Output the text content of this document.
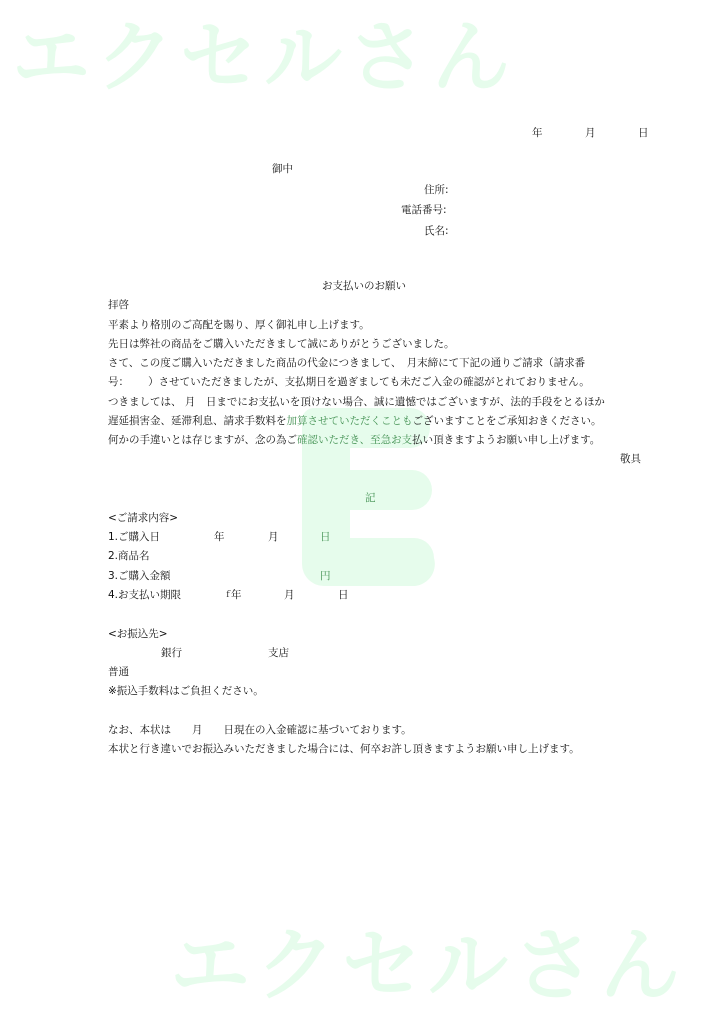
エクセルさん
エクセルさん
年	月	日
御中
住所:
電話番号:
氏名:
お支払いのお願い
拝啓
平素より格別のご高配を賜り、厚く御礼申し上げます。
先日は弊社の商品をご購入いただきまして誠にありがとうございました。
さて、この度ご購入いただきました商品の代金につきまして、　月末締にて下記の通りご請求（請求番
号：　　 ）させていただきましたが、支払期日を過ぎましても未だご入金の確認がとれておりません。
つきましては、 月　日までにお支払いを頂けない場合、誠に遺憾ではございますが、法的手段をとるほか
遅延損害金、延滞利息、請求手数料を加算させていただくこともございますことをご承知おきください。
何かの手違いとは存じますが、念の為ご確認いただき、至急お支払い頂きますようお願い申し上げます。
敬具
記
<ご請求内容>
1.ご購入日	年	月	日
2.商品名
3.ご購入金額	円
4.お支払い期限	ｆ 年	月	日
<お振込先>
銀行	支店
普通
※振込手数料はご負担ください。
なお、本状は　　月　　日現在の入金確認に基づいております。
本状と行き違いでお振込みいただきました場合には、何卒お許し頂きますようお願い申し上げます。
